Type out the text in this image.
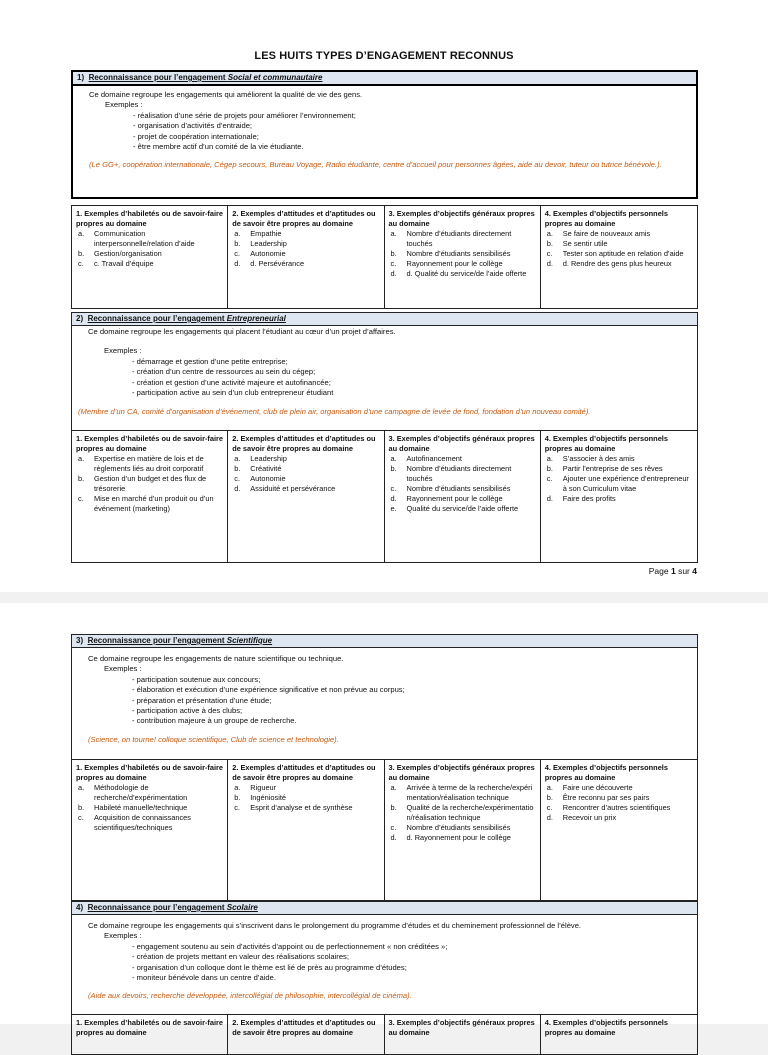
LES HUITS TYPES D’ENGAGEMENT RECONNUS
1) Reconnaissance pour l’engagement Social et communautaire
Ce domaine regroupe les engagements qui améliorent la qualité de vie des gens.
Exemples :
- réalisation d’une série de projets pour améliorer l’environnement;
- organisation d’activités d’entraide;
- projet de coopération internationale;
- être membre actif d’un comité de la vie étudiante.
(Le GG+, coopération internationale, Cégep secours, Bureau Voyage, Radio étudiante, centre d’accueil pour personnes âgées, aide au devoir, tuteur ou tutrice bénévole.).
1. Exemples d’habiletés ou de savoir-faire propres au domaine
a.	Communication interpersonnelle/relation d’aide
b.	Gestion/organisation
c.	c. Travail d’équipe
2. Exemples d’attitudes et d’aptitudes ou de savoir être propres au domaine
a.	Empathie
b.	Leadership
c.	Autonomie
d.	d. Persévérance
3. Exemples d’objectifs généraux propres au domaine
a.	Nombre d’étudiants directement touchés
b.	Nombre d’étudiants sensibilisés
c.	Rayonnement pour le collège
d.	d. Qualité du service/de l’aide offerte
4. Exemples d’objectifs personnels propres au domaine
a.	Se faire de nouveaux amis
b.	Se sentir utile
c.	Tester son aptitude en relation d’aide
d.	d. Rendre des gens plus heureux
2) Reconnaissance pour l’engagement Entrepreneurial
Ce domaine regroupe les engagements qui placent l’étudiant au cœur d’un projet d’affaires.
Exemples :
- démarrage et gestion d’une petite entreprise;
- création d’un centre de ressources au sein du cégep;
- création et gestion d’une activité majeure et autofinancée;
- participation active au sein d’un club entrepreneur étudiant
(Membre d’un CA, comité d’organisation d’événement, club de plein air, organisation d’une campagne de levée de fond, fondation d’un nouveau comité).
1. Exemples d’habiletés ou de savoir-faire propres au domaine
a.	Expertise en matière de lois et de règlements liés au droit corporatif
b.	Gestion d’un budget et des flux de trésorerie
c.	Mise en marché d’un produit ou d’un événement (marketing)
2. Exemples d’attitudes et d’aptitudes ou de savoir être propres au domaine
a.	Leadership
b.	Créativité
c.	Autonomie
d.	Assiduité et persévérance
3. Exemples d’objectifs généraux propres au domaine
a.	Autofinancement
b.	Nombre d’étudiants directement touchés
c.	Nombre d’étudiants sensibilisés
d.	Rayonnement pour le collège
e.	Qualité du service/de l’aide offerte
4. Exemples d’objectifs personnels propres au domaine
a.	S’associer à des amis
b.	Partir l’entreprise de ses rêves
c.	Ajouter une expérience d’entrepreneur à son Curriculum vitae
d.	Faire des profits
Page 1 sur 4
3) Reconnaissance pour l’engagement Scientifique
Ce domaine regroupe les engagements de nature scientifique ou technique.
Exemples :
- participation soutenue aux concours;
- élaboration et exécution d’une expérience significative et non prévue au corpus;
- préparation et présentation d’une étude;
- participation active à des clubs;
- contribution majeure à un groupe de recherche.
(Science, on tourne! colloque scientifique, Club de science et technologie).
1. Exemples d’habiletés ou de savoir-faire propres au domaine
a.	Méthodologie de recherche/d’expérimentation
b.	Habileté manuelle/technique
c.	Acquisition de connaissances scientifiques/techniques
2. Exemples d’attitudes et d’aptitudes ou de savoir être propres au domaine
a.	Rigueur
b.	Ingéniosité
c.	Esprit d’analyse et de synthèse
3. Exemples d’objectifs généraux propres au domaine
a.	Arrivée à terme de la recherche/expérimentation/réalisation technique
b.	Qualité de la recherche/expérimentation/réalisation technique
c.	Nombre d’étudiants sensibilisés
d.	d. Rayonnement pour le collège
4. Exemples d’objectifs personnels propres au domaine
a.	Faire une découverte
b.	Être reconnu par ses pairs
c.	Rencontrer d’autres scientifiques
d.	Recevoir un prix
4) Reconnaissance pour l’engagement Scolaire
Ce domaine regroupe les engagements qui s’inscrivent dans le prolongement du programme d’études et du cheminement professionnel de l’élève.
Exemples :
- engagement soutenu au sein d’activités d’appoint ou de perfectionnement « non créditées »;
- création de projets mettant en valeur des réalisations scolaires;
- organisation d’un colloque dont le thème est lié de près au programme d’études;
- moniteur bénévole dans un centre d’aide.
(Aide aux devoirs, recherche développée, intercollégial de philosophie, intercollégial de cinéma).
1. Exemples d’habiletés ou de savoir-faire propres au domaine
2. Exemples d’attitudes et d’aptitudes ou de savoir être propres au domaine
3. Exemples d’objectifs généraux propres au domaine
4. Exemples d’objectifs personnels propres au domaine
